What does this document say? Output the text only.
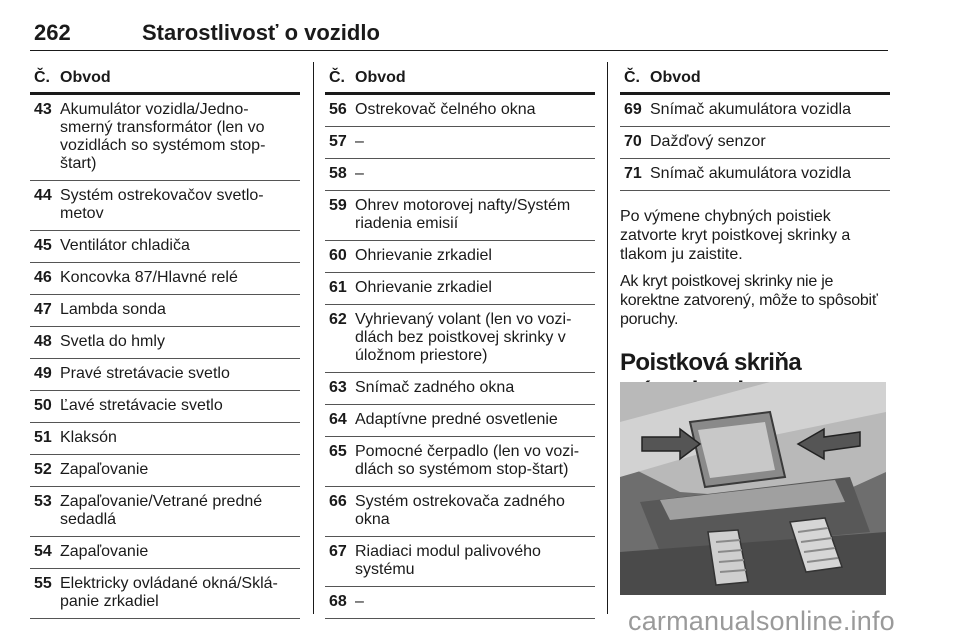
262	Starostlivosť o vozidlo
Č. Obvod
43 Akumulátor vozidla/Jedno-
smerný transformátor (len vo
vozidlách so systémom stop-
štart)
44 Systém ostrekovačov svetlo-
metov
45 Ventilátor chladiča
46 Koncovka 87/Hlavné relé
47 Lambda sonda
48 Svetla do hmly
49 Pravé stretávacie svetlo
50 Ľavé stretávacie svetlo
51 Klaksón
52 Zapaľovanie
53 Zapaľovanie/Vetrané predné
sedadlá
54 Zapaľovanie
55 Elektricky ovládané okná/Sklá-
panie zrkadiel
Č. Obvod
56 Ostrekovač čelného okna
57 –
58 –
59 Ohrev motorovej nafty/Systém
riadenia emisií
60 Ohrievanie zrkadiel
61 Ohrievanie zrkadiel
62 Vyhrievaný volant (len vo vozi-
dlách bez poistkovej skrinky v
úložnom priestore)
63 Snímač zadného okna
64 Adaptívne predné osvetlenie
65 Pomocné čerpadlo (len vo vozi-
dlách so systémom stop-štart)
66 Systém ostrekovača zadného
okna
67 Riadiaci modul palivového
systému
68 –
Č. Obvod
69 Snímač akumulátora vozidla
70 Dažďový senzor
71 Snímač akumulátora vozidla

Po výmene chybných poistiek
zatvorte kryt poistkovej skrinky a
tlakom ju zaistite.

Ak kryt poistkovej skrinky nie je
korektne zatvorený, môže to spôsobiť
poruchy.

Poistková skriňa

carmanualsonline.info
